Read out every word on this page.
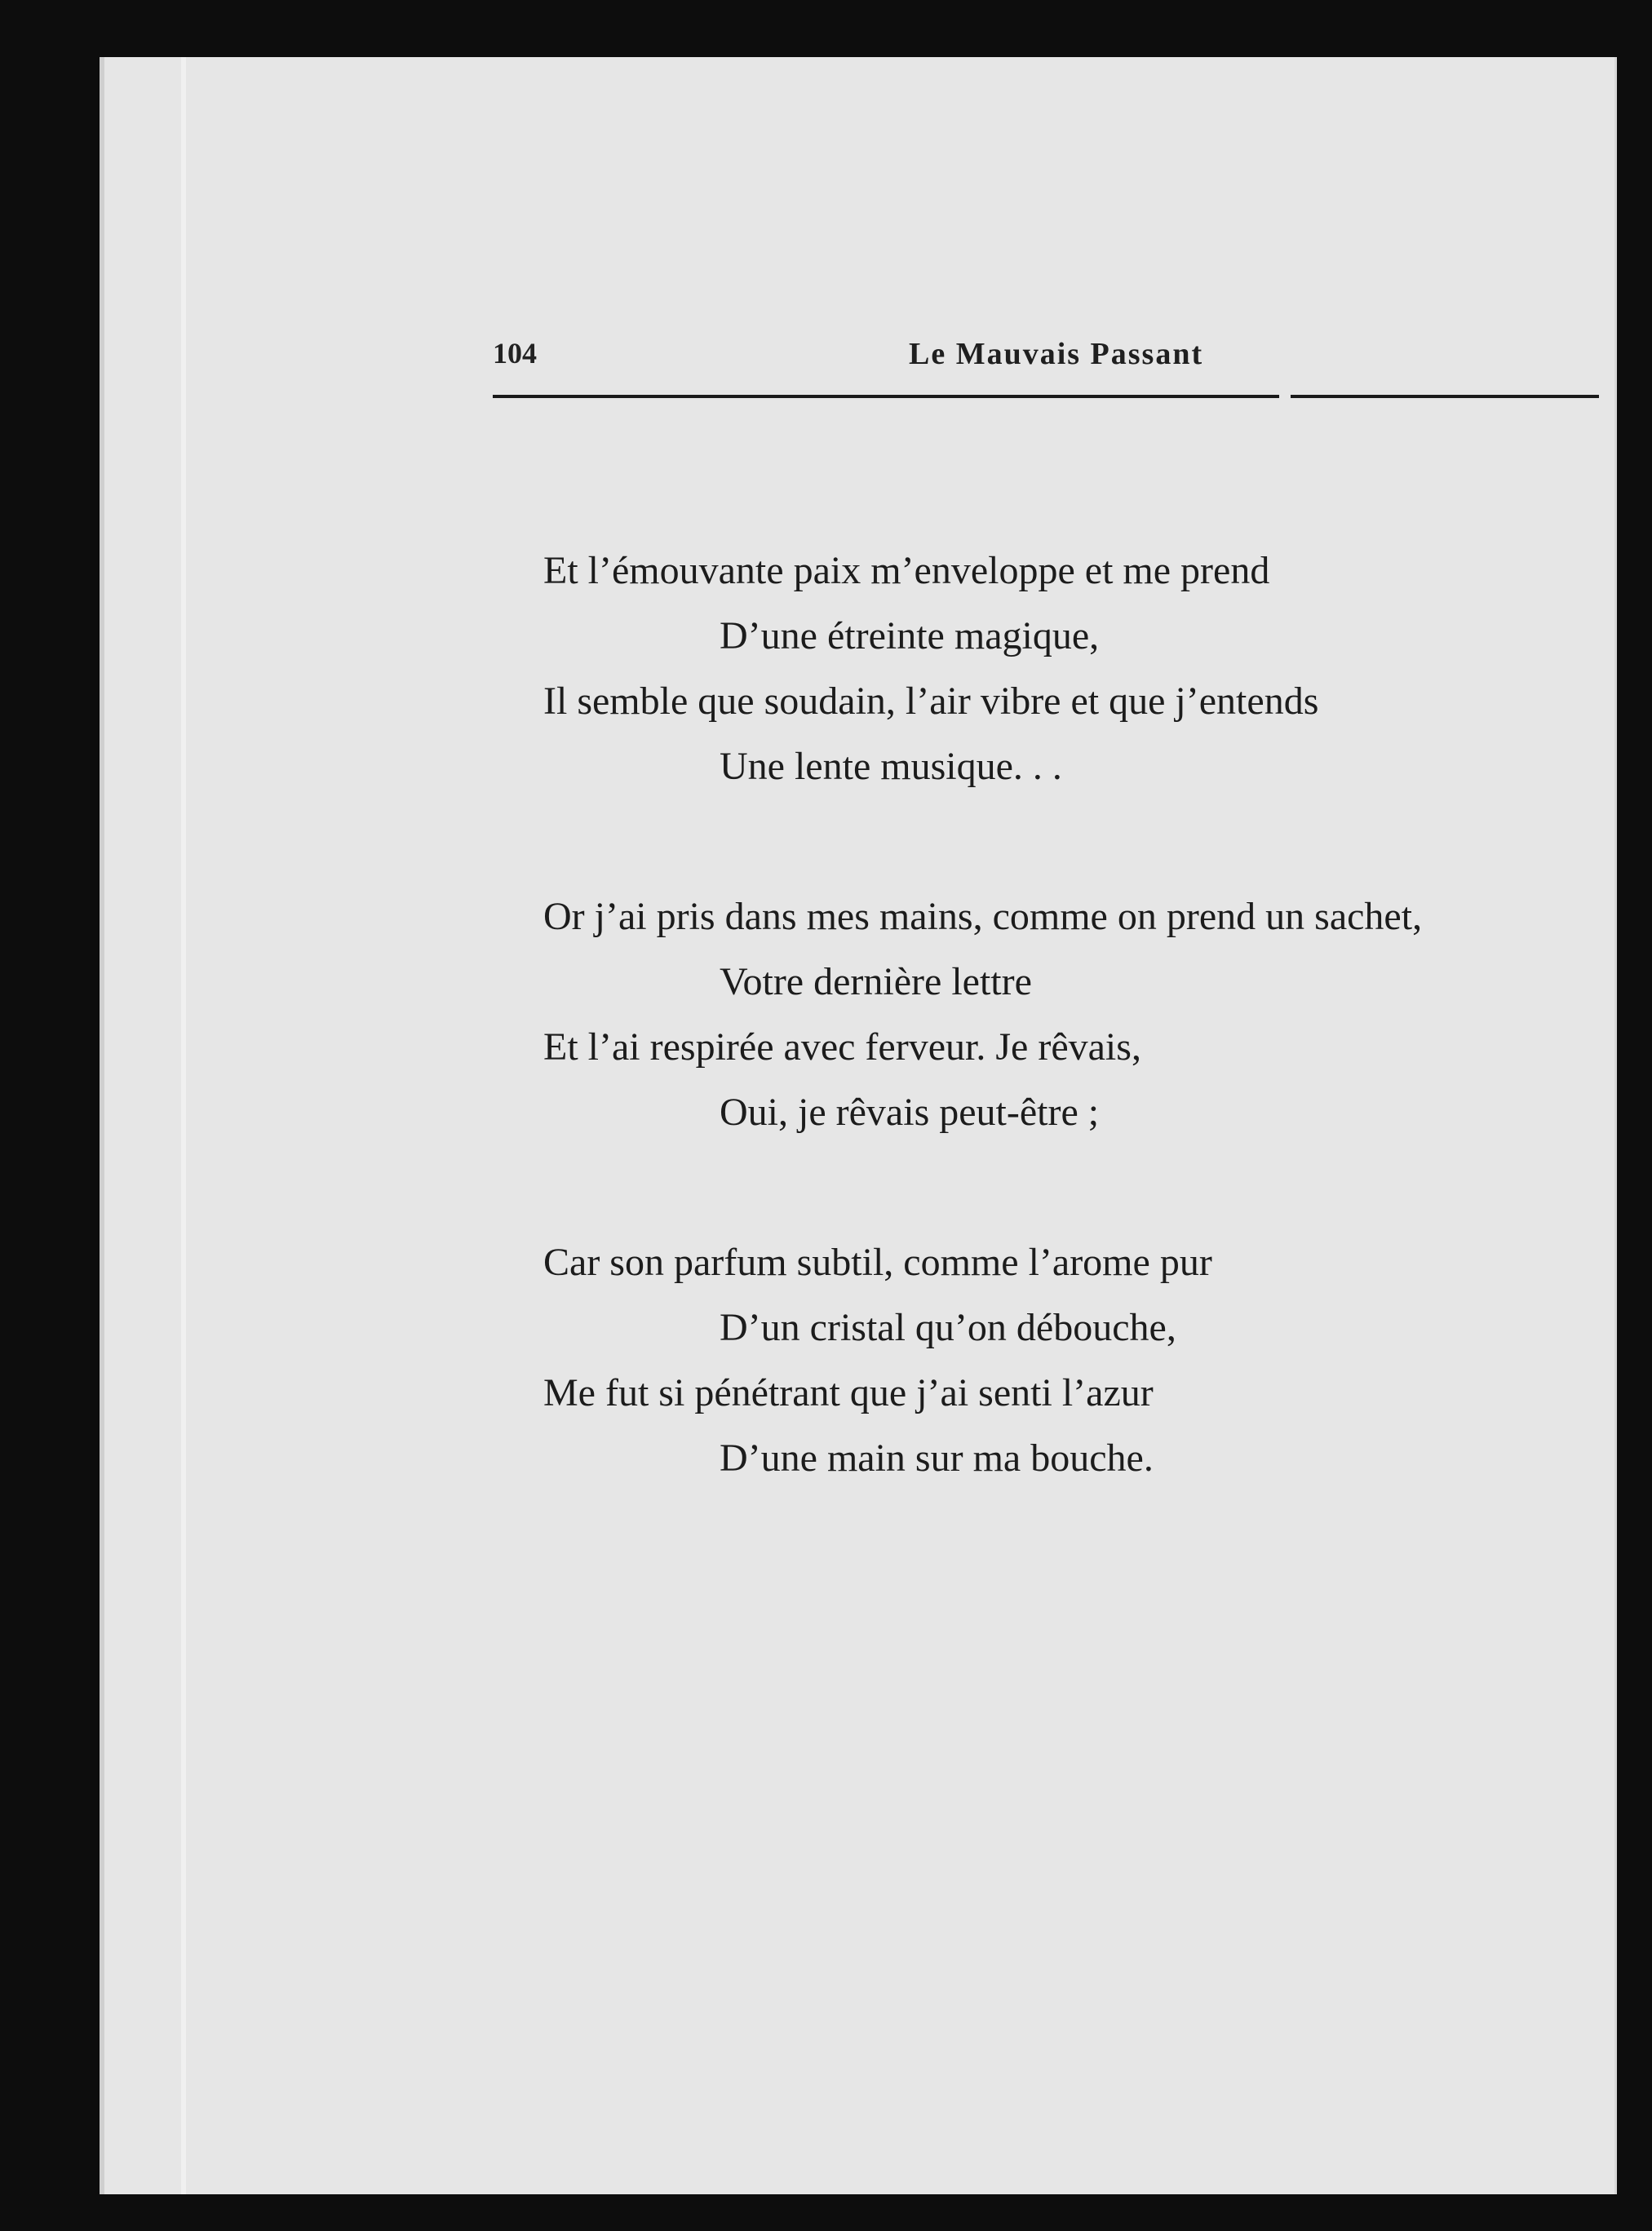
104	Le Mauvais Passant
Et l’émouvante paix m’enveloppe et me prend
D’une étreinte magique,
Il semble que soudain, l’air vibre et que j’entends
Une lente musique. . .
Or j’ai pris dans mes mains, comme on prend un sachet,
Votre dernière lettre
Et l’ai respirée avec ferveur. Je rêvais,
Oui, je rêvais peut-être ;
Car son parfum subtil, comme l’arome pur
D’un cristal qu’on débouche,
Me fut si pénétrant que j’ai senti l’azur
D’une main sur ma bouche.
